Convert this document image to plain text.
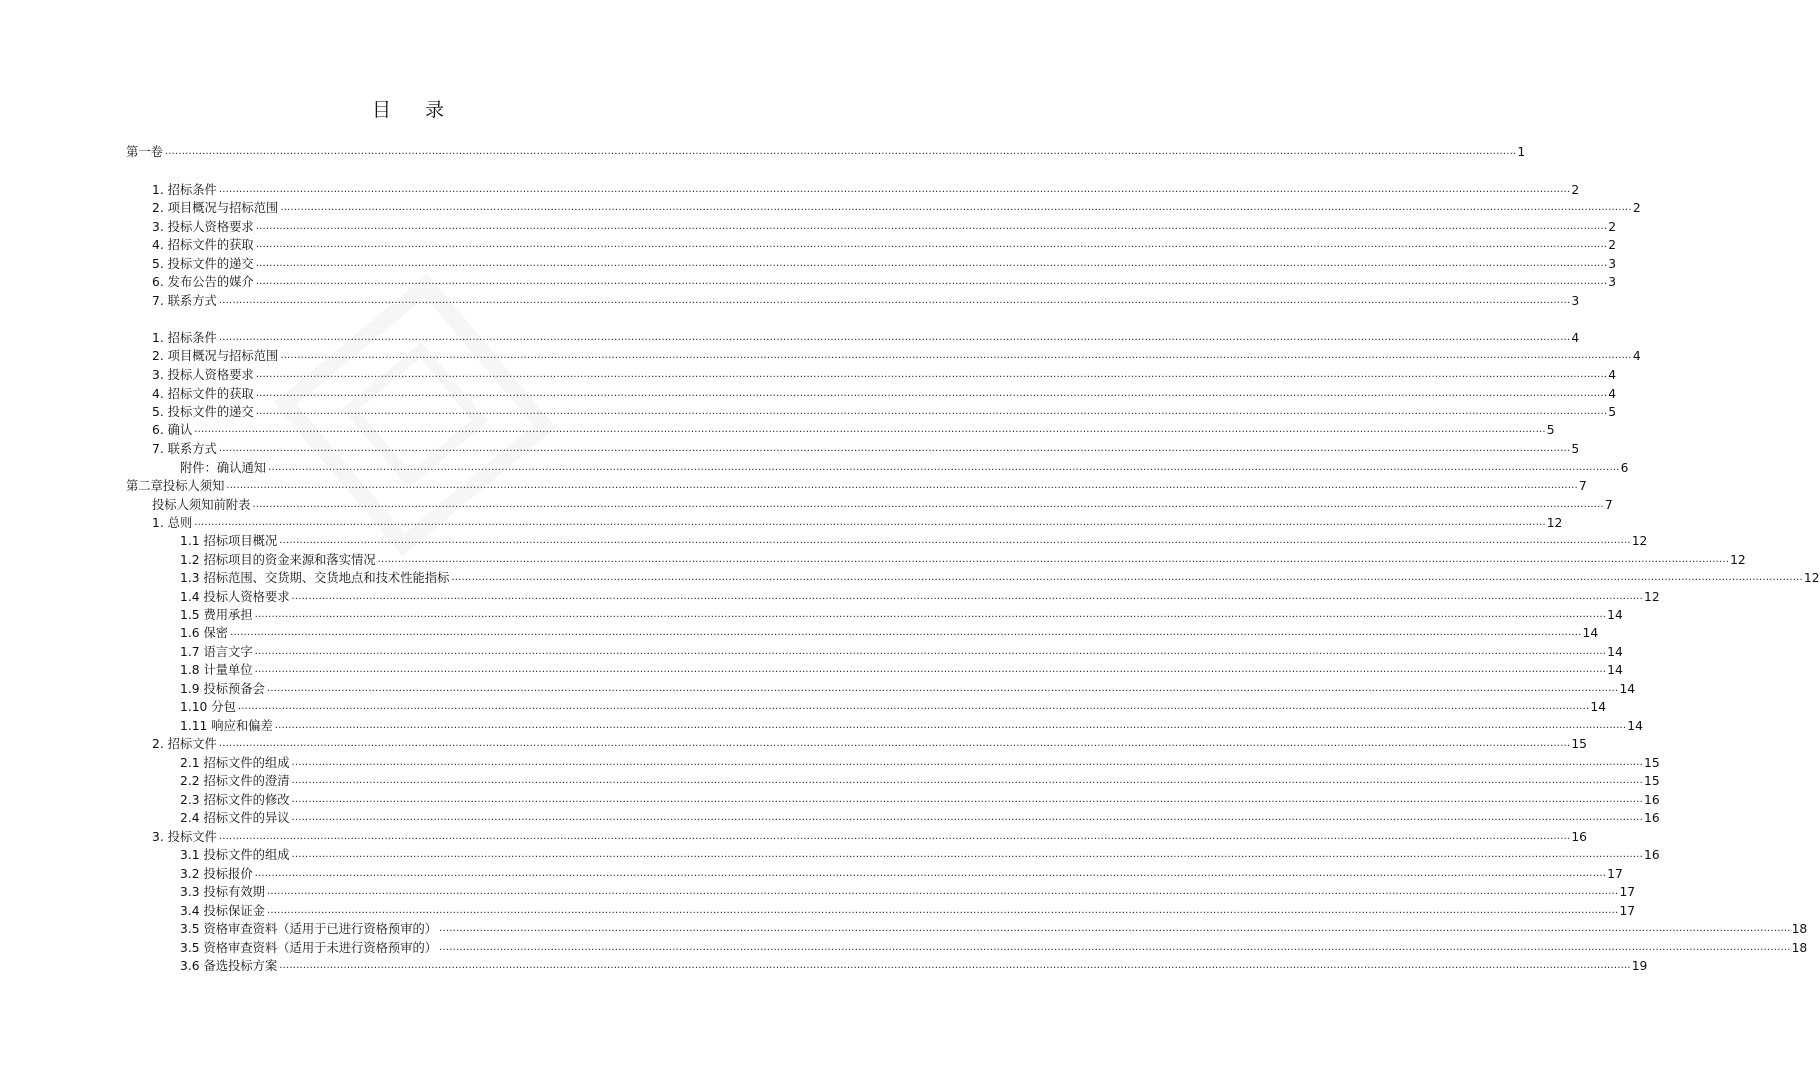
目 录
第一卷 ................................................................................................................................................................................................................................................................................................................................................................................................................ 1
1. 招标条件 ................................................................................................................................................................................................................................................................................................................................................................................................................ 2
2. 项目概况与招标范围 ................................................................................................................................................................................................................................................................................................................................................................................................................ 2
3. 投标人资格要求 ................................................................................................................................................................................................................................................................................................................................................................................................................ 2
4. 招标文件的获取 ................................................................................................................................................................................................................................................................................................................................................................................................................ 2
5. 投标文件的递交 ................................................................................................................................................................................................................................................................................................................................................................................................................ 3
6. 发布公告的媒介 ................................................................................................................................................................................................................................................................................................................................................................................................................ 3
7. 联系方式 ................................................................................................................................................................................................................................................................................................................................................................................................................ 3
1. 招标条件 ................................................................................................................................................................................................................................................................................................................................................................................................................ 4
2. 项目概况与招标范围 ................................................................................................................................................................................................................................................................................................................................................................................................................ 4
3. 投标人资格要求 ................................................................................................................................................................................................................................................................................................................................................................................................................ 4
4. 招标文件的获取 ................................................................................................................................................................................................................................................................................................................................................................................................................ 4
5. 投标文件的递交 ................................................................................................................................................................................................................................................................................................................................................................................................................ 5
6. 确认 ................................................................................................................................................................................................................................................................................................................................................................................................................ 5
7. 联系方式 ................................................................................................................................................................................................................................................................................................................................................................................................................ 5
附件：确认通知 ................................................................................................................................................................................................................................................................................................................................................................................................................ 6
第二章投标人须知 ................................................................................................................................................................................................................................................................................................................................................................................................................ 7
投标人须知前附表 ................................................................................................................................................................................................................................................................................................................................................................................................................ 7
1. 总则 ................................................................................................................................................................................................................................................................................................................................................................................................................ 12
1.1 招标项目概况 ................................................................................................................................................................................................................................................................................................................................................................................................................ 12
1.2 招标项目的资金来源和落实情况 ................................................................................................................................................................................................................................................................................................................................................................................................................ 12
1.3 招标范围、交货期、交货地点和技术性能指标 ................................................................................................................................................................................................................................................................................................................................................................................................................ 12
1.4 投标人资格要求 ................................................................................................................................................................................................................................................................................................................................................................................................................ 12
1.5 费用承担 ................................................................................................................................................................................................................................................................................................................................................................................................................ 14
1.6 保密 ................................................................................................................................................................................................................................................................................................................................................................................................................ 14
1.7 语言文字 ................................................................................................................................................................................................................................................................................................................................................................................................................ 14
1.8 计量单位 ................................................................................................................................................................................................................................................................................................................................................................................................................ 14
1.9 投标预备会 ................................................................................................................................................................................................................................................................................................................................................................................................................ 14
1.10 分包 ................................................................................................................................................................................................................................................................................................................................................................................................................ 14
1.11 响应和偏差 ................................................................................................................................................................................................................................................................................................................................................................................................................ 14
2. 招标文件 ................................................................................................................................................................................................................................................................................................................................................................................................................ 15
2.1 招标文件的组成 ................................................................................................................................................................................................................................................................................................................................................................................................................ 15
2.2 招标文件的澄清 ................................................................................................................................................................................................................................................................................................................................................................................................................ 15
2.3 招标文件的修改 ................................................................................................................................................................................................................................................................................................................................................................................................................ 16
2.4 招标文件的异议 ................................................................................................................................................................................................................................................................................................................................................................................................................ 16
3. 投标文件 ................................................................................................................................................................................................................................................................................................................................................................................................................ 16
3.1 投标文件的组成 ................................................................................................................................................................................................................................................................................................................................................................................................................ 16
3.2 投标报价 ................................................................................................................................................................................................................................................................................................................................................................................................................ 17
3.3 投标有效期 ................................................................................................................................................................................................................................................................................................................................................................................................................ 17
3.4 投标保证金 ................................................................................................................................................................................................................................................................................................................................................................................................................ 17
3.5 资格审查资料（适用于已进行资格预审的） ................................................................................................................................................................................................................................................................................................................................................................................................................ 18
3.5 资格审查资料（适用于未进行资格预审的） ................................................................................................................................................................................................................................................................................................................................................................................................................ 18
3.6 备选投标方案 ................................................................................................................................................................................................................................................................................................................................................................................................................ 19
